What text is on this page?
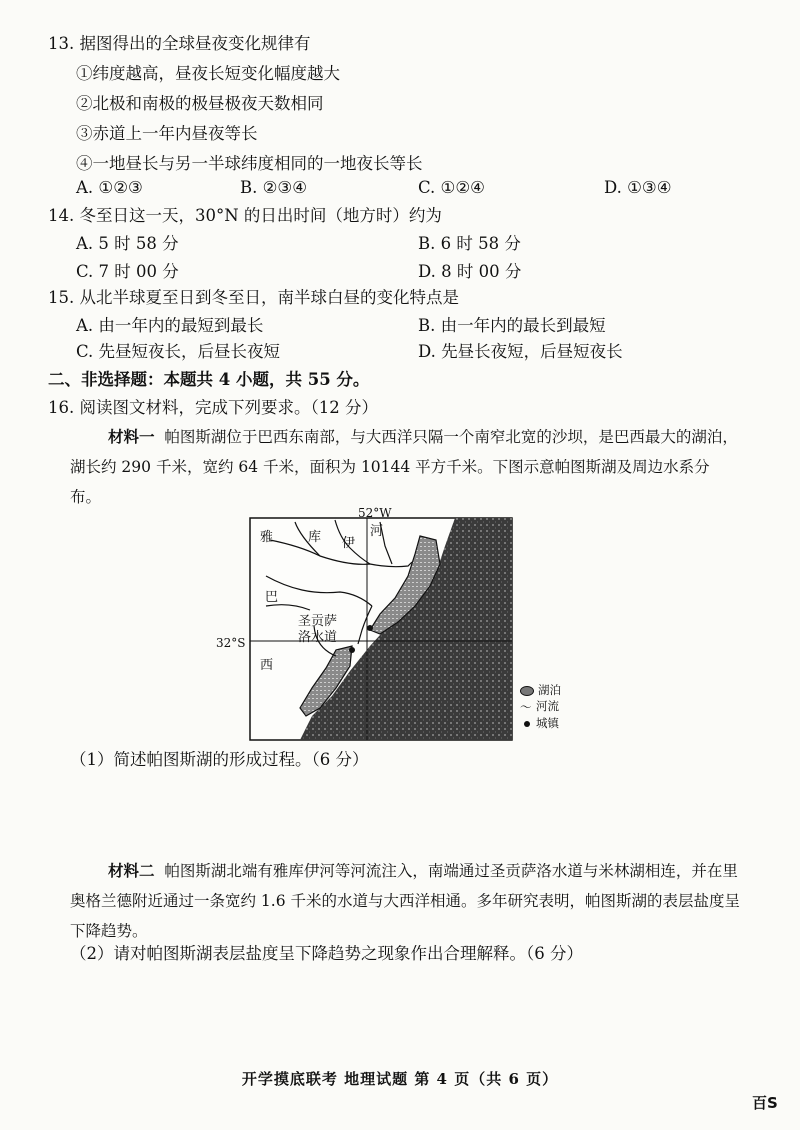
13. 据图得出的全球昼夜变化规律有
①纬度越高，昼夜长短变化幅度越大
②北极和南极的极昼极夜天数相同
③赤道上一年内昼夜等长
④一地昼长与另一半球纬度相同的一地夜长等长
A. ①②③	B. ②③④	C. ①②④	D. ①③④
14. 冬至日这一天，30°N 的日出时间（地方时）约为
A. 5 时 58 分	B. 6 时 58 分
C. 7 时 00 分	D. 8 时 00 分
15. 从北半球夏至日到冬至日，南半球白昼的变化特点是
A. 由一年内的最短到最长	B. 由一年内的最长到最短
C. 先昼短夜长，后昼长夜短	D. 先昼长夜短，后昼短夜长
二、非选择题：本题共 4 小题，共 55 分。
16. 阅读图文材料，完成下列要求。（12 分）
材料一 帕图斯湖位于巴西东南部，与大西洋只隔一个南窄北宽的沙坝，是巴西最大的湖泊，湖长约 290 千米，宽约 64 千米，面积为 10144 平方千米。下图示意帕图斯湖及周边水系分布。
52°W
32°S
雅	库 伊
河
巴
西
圣贡萨
洛水道
湖泊
〜 河流
城镇
（1）简述帕图斯湖的形成过程。（6 分）
材料二 帕图斯湖北端有雅库伊河等河流注入，南端通过圣贡萨洛水道与米林湖相连，并在里奥格兰德附近通过一条宽约 1.6 千米的水道与大西洋相通。多年研究表明，帕图斯湖的表层盐度呈下降趋势。
（2）请对帕图斯湖表层盐度呈下降趋势之现象作出合理解释。（6 分）
开学摸底联考 地理试题 第 4 页（共 6 页）
百S
